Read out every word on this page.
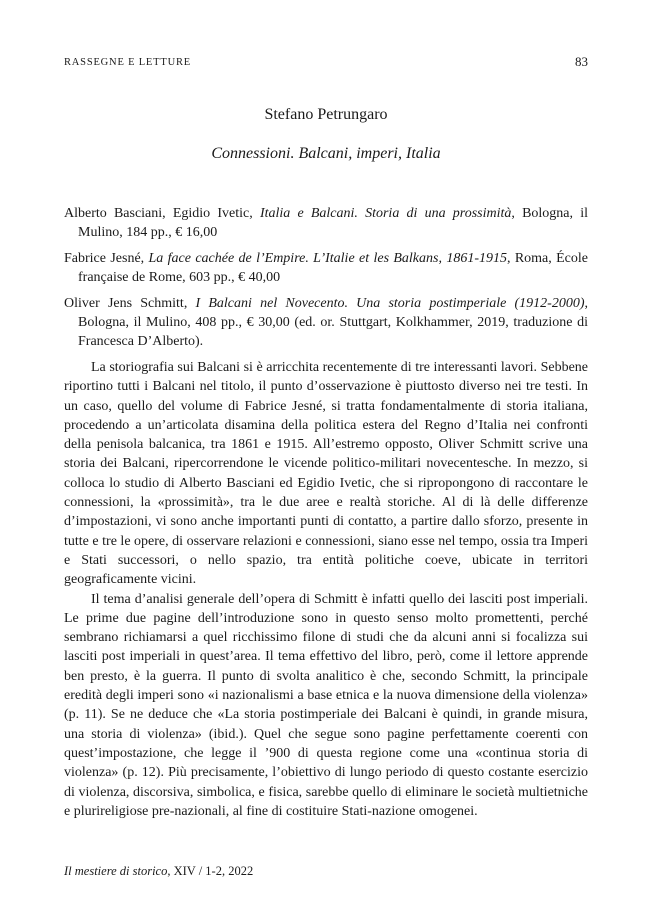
RASSEGNE E LETTURE	83
Stefano Petrungaro
Connessioni. Balcani, imperi, Italia

Alberto Basciani, Egidio Ivetic, Italia e Balcani. Storia di una prossimità, Bologna, il Mulino, 184 pp., € 16,00

Fabrice Jesné, La face cachée de l’Empire. L’Italie et les Balkans, 1861-1915, Roma, École française de Rome, 603 pp., € 40,00

Oliver Jens Schmitt, I Balcani nel Novecento. Una storia postimperiale (1912-2000), Bologna, il Mulino, 408 pp., € 30,00 (ed. or. Stuttgart, Kolkhammer, 2019, traduzione di Francesca D’Alberto).

La storiografia sui Balcani si è arricchita recentemente di tre interessanti lavori. Sebbene riportino tutti i Balcani nel titolo, il punto d’osservazione è piuttosto diverso nei tre testi. In un caso, quello del volume di Fabrice Jesné, si tratta fondamentalmente di storia italiana, procedendo a un’articolata disamina della politica estera del Regno d’Italia nei confronti della penisola balcanica, tra 1861 e 1915. All’estremo opposto, Oliver Schmitt scrive una storia dei Balcani, ripercorrendone le vicende politico-militari novecentesche. In mezzo, si colloca lo studio di Alberto Basciani ed Egidio Ivetic, che si ripropongono di raccontare le connessioni, la «prossimità», tra le due aree e realtà storiche. Al di là delle differenze d’impostazioni, vi sono anche importanti punti di contatto, a partire dallo sforzo, presente in tutte e tre le opere, di osservare relazioni e connessioni, siano esse nel tempo, ossia tra Imperi e Stati successori, o nello spazio, tra entità politiche coeve, ubicate in territori geograficamente vicini.

Il tema d’analisi generale dell’opera di Schmitt è infatti quello dei lasciti post imperiali. Le prime due pagine dell’introduzione sono in questo senso molto promettenti, perché sembrano richiamarsi a quel ricchissimo filone di studi che da alcuni anni si focalizza sui lasciti post imperiali in quest’area. Il tema effettivo del libro, però, come il lettore apprende ben presto, è la guerra. Il punto di svolta analitico è che, secondo Schmitt, la principale eredità degli imperi sono «i nazionalismi a base etnica e la nuova dimensione della violenza» (p. 11). Se ne deduce che «La storia postimperiale dei Balcani è quindi, in grande misura, una storia di violenza» (ibid.). Quel che segue sono pagine perfettamente coerenti con quest’impostazione, che legge il ’900 di questa regione come una «continua storia di violenza» (p. 12). Più precisamente, l’obiettivo di lungo periodo di questo costante esercizio di violenza, discorsiva, simbolica, e fisica, sarebbe quello di eliminare le società multietniche e plurireligiose pre-nazionali, al fine di costituire Stati-nazione omogenei.

Il mestiere di storico, XIV / 1-2, 2022
